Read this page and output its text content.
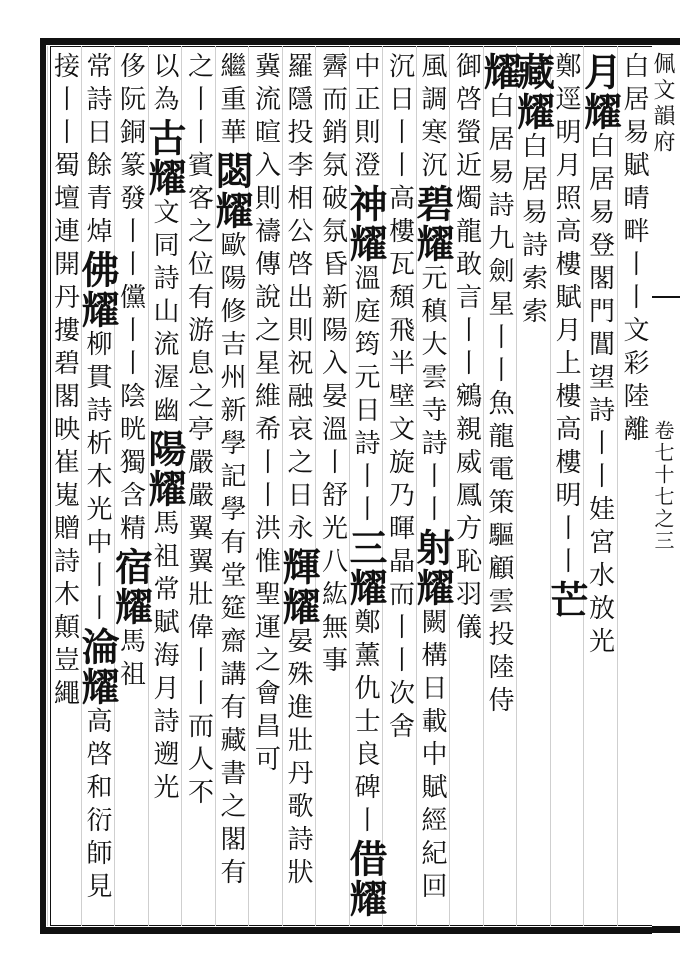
佩文韻府
卷七十七之三
白居易賦晴畔丨丨文彩陸離
月耀白居易登閣門閶望詩丨丨娃宮水放光
鄭逕明月照高樓賦月上樓高樓明丨丨芒
藏耀白居易詩索索
耀白居易詩九劍星丨丨魚龍電策驅顧雲投陸侍
御啓螢近燭龍敢言丨丨鵷親威鳳方恥羽儀
風調寒沉碧耀元稹大雲寺詩丨丨射耀闕構日載中賦經紀回
沉日丨丨高樓瓦頹飛半壁文旋乃暉晶而丨丨次舍
中正則澄神耀溫庭筠元日詩丨丨三耀鄭薰仇士良碑丨借耀
霽而銷氛破氛昏新陽入晏溫丨舒光八紘無事
羅隱投李相公啓出則祝融哀之日永輝耀晏殊進壯丹歌詩狀
冀流暄入則禱傳說之星維希丨丨洪惟聖運之會昌可
繼重華閟耀歐陽修吉州新學記學有堂筵齋講有藏書之閣有
之丨丨賓客之位有游息之亭嚴嚴翼翼壯偉丨丨而人不
以為古耀文同詩山流渥幽陽耀馬祖常賦海月詩遡光
侈阮銅篆發丨丨儻丨丨陰晄獨含精宿耀馬祖
常詩日餘青焯佛耀柳貫詩析木光中丨丨淪耀高啓和衍師見
接丨丨蜀壇連開丹摟碧閣映崔嵬贈詩木顛豈繩
